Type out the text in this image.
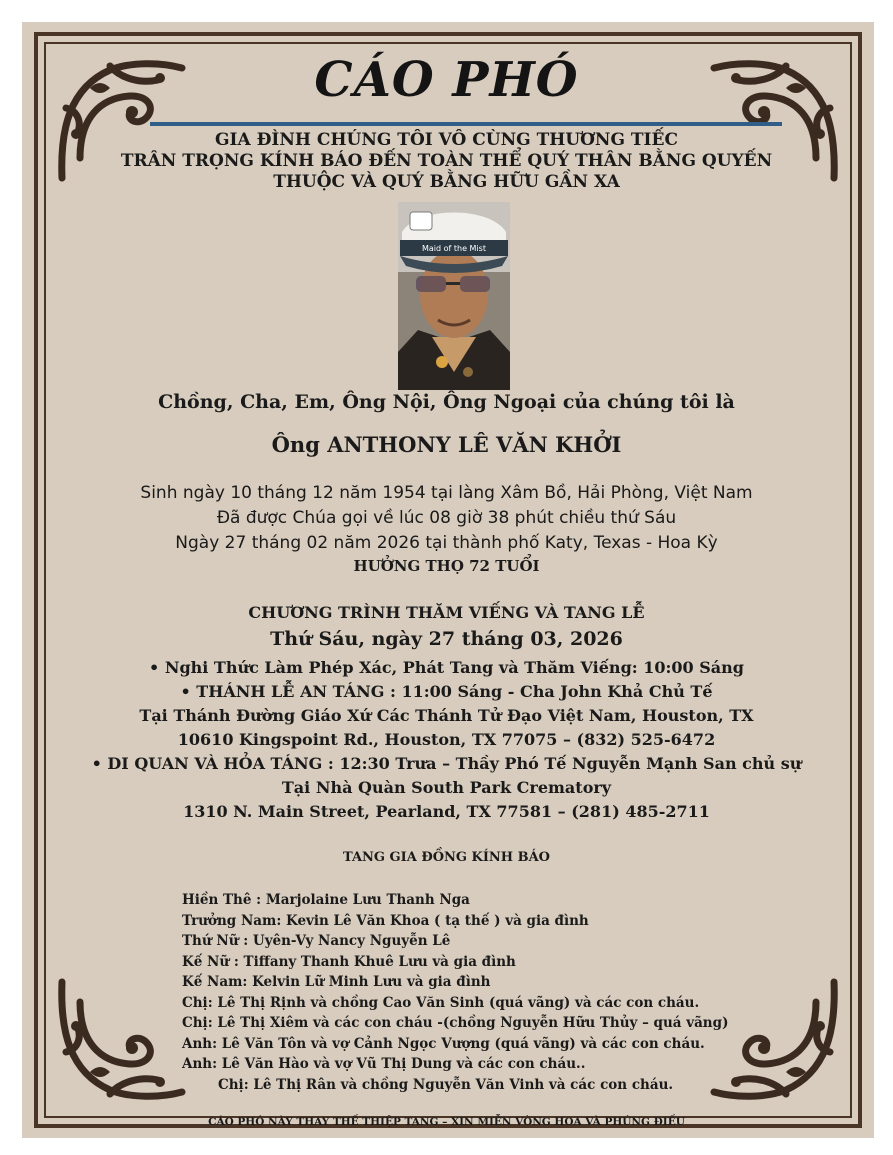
CÁO PHÓ
GIA ĐÌNH CHÚNG TÔI VÔ CÙNG THƯƠNG TIẾC
TRÂN TRỌNG KÍNH BÁO ĐẾN TOÀN THỂ QUÝ THÂN BẰNG QUYẾN
THUỘC VÀ QUÝ BẰNG HỮU GẦN XA
Maid of the Mist
Chồng, Cha, Em, Ông Nội, Ông Ngoại của chúng tôi là
Ông ANTHONY LÊ VĂN KHỞI
Sinh ngày 10 tháng 12 năm 1954 tại làng Xâm Bồ, Hải Phòng, Việt Nam
Đã được Chúa gọi về lúc 08 giờ 38 phút chiều thứ Sáu
Ngày 27 tháng 02 năm 2026 tại thành phố Katy, Texas - Hoa Kỳ
HƯỞNG THỌ 72 TUỔI
CHƯƠNG TRÌNH THĂM VIẾNG VÀ TANG LỄ
Thứ Sáu, ngày 27 tháng 03, 2026
• Nghi Thức Làm Phép Xác, Phát Tang và Thăm Viếng: 10:00 Sáng
• THÁNH LỄ AN TÁNG : 11:00 Sáng - Cha John Khả Chủ Tế
Tại Thánh Đường Giáo Xứ Các Thánh Tử Đạo Việt Nam, Houston, TX
10610 Kingspoint Rd., Houston, TX 77075 – (832) 525-6472
• DI QUAN VÀ HỎA TÁNG : 12:30 Trưa – Thầy Phó Tế Nguyễn Mạnh San chủ sự
Tại Nhà Quàn South Park Crematory
1310 N. Main Street, Pearland, TX 77581 – (281) 485-2711
TANG GIA ĐỒNG KÍNH BÁO
Hiền Thê : Marjolaine Lưu Thanh Nga
Trưởng Nam: Kevin Lê Văn Khoa ( tạ thế ) và gia đình
Thứ Nữ : Uyên-Vy Nancy Nguyễn Lê
Kế Nữ : Tiffany Thanh Khuê Lưu và gia đình
Kế Nam: Kelvin Lữ Minh Lưu và gia đình
Chị: Lê Thị Rịnh và chồng Cao Văn Sinh (quá vãng) và các con cháu.
Chị: Lê Thị Xiêm và các con cháu -(chồng Nguyễn Hữu Thủy – quá vãng)
Anh: Lê Văn Tôn và vợ Cảnh Ngọc Vượng (quá vãng) và các con cháu.
Anh: Lê Văn Hào và vợ Vũ Thị Dung và các con cháu..
Chị: Lê Thị Rân và chồng Nguyễn Văn Vinh và các con cháu.
CÁO PHÓ NÀY THAY THẾ THIỆP TANG – XIN MIỄN VÒNG HOA VÀ PHÚNG ĐIẾU
